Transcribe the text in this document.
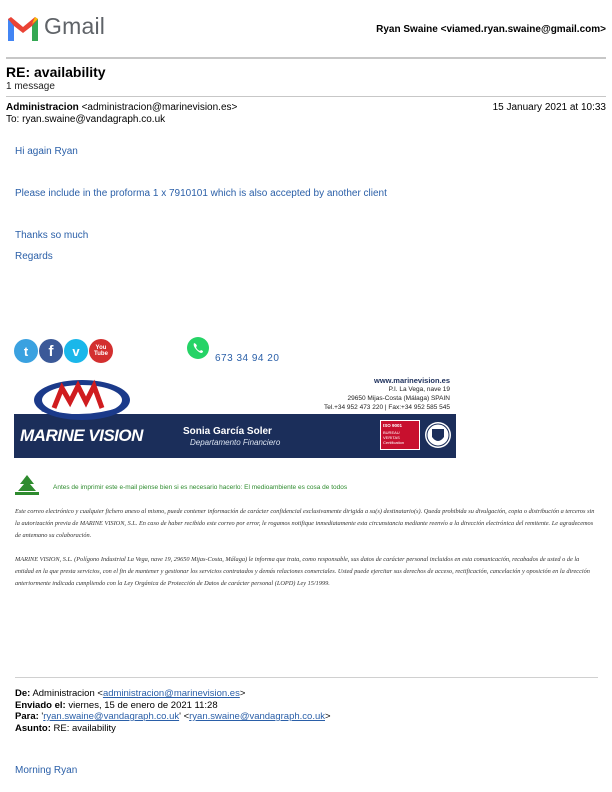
Gmail	Ryan Swaine <viamed.ryan.swaine@gmail.com>
RE: availability
1 message
Administracion <administracion@marinevision.es>	15 January 2021 at 10:33
To: ryan.swaine@vandagraph.co.uk
Hi again Ryan
Please include in the proforma 1 x 7910101 which is also accepted by another client
Thanks so much
Regards
t	f	v	You
Tube	673 34 94 20
MARINE VISION
www.marinevision.es
P.I. La Vega, nave 19
29650 Mijas-Costa (Málaga) SPAIN
Tel.+34 952 473 220 | Fax:+34 952 585 545
Sonia García Soler
Departamento Financiero
ISO 9001
BUREAU VERITAS Certification
Antes de imprimir este e-mail piense bien si es necesario hacerlo: El medioambiente es cosa de todos
Este correo electrónico y cualquier fichero anexo al mismo, puede contener información de carácter confidencial exclusivamente dirigida a su(s) destinatario(s). Queda prohibida su divulgación, copia o distribución a terceros sin la autorización previa de MARINE VISION, S.L. En caso de haber recibido este correo por error, le rogamos notifique inmediatamente esta circunstancia mediante reenvío a la dirección electrónica del remitente. Le agradecemos de antemano su colaboración.
MARINE VISION, S.L. (Polígono Industrial La Vega, nave 19, 29650 Mijas-Costa, Málaga) le informa que trata, como responsable, sus datos de carácter personal incluidos en esta comunicación, recabados de usted o de la entidad en la que presta servicios, con el fin de mantener y gestionar los servicios contratados y demás relaciones comerciales. Usted puede ejercitar sus derechos de acceso, rectificación, cancelación y oposición en la dirección anteriormente indicada cumpliendo con la Ley Orgánica de Protección de Datos de carácter personal (LOPD) Ley 15/1999.
De: Administracion <administracion@marinevision.es>
Enviado el: viernes, 15 de enero de 2021 11:28
Para: 'ryan.swaine@vandagraph.co.uk' <ryan.swaine@vandagraph.co.uk>
Asunto: RE: availability
Morning Ryan
